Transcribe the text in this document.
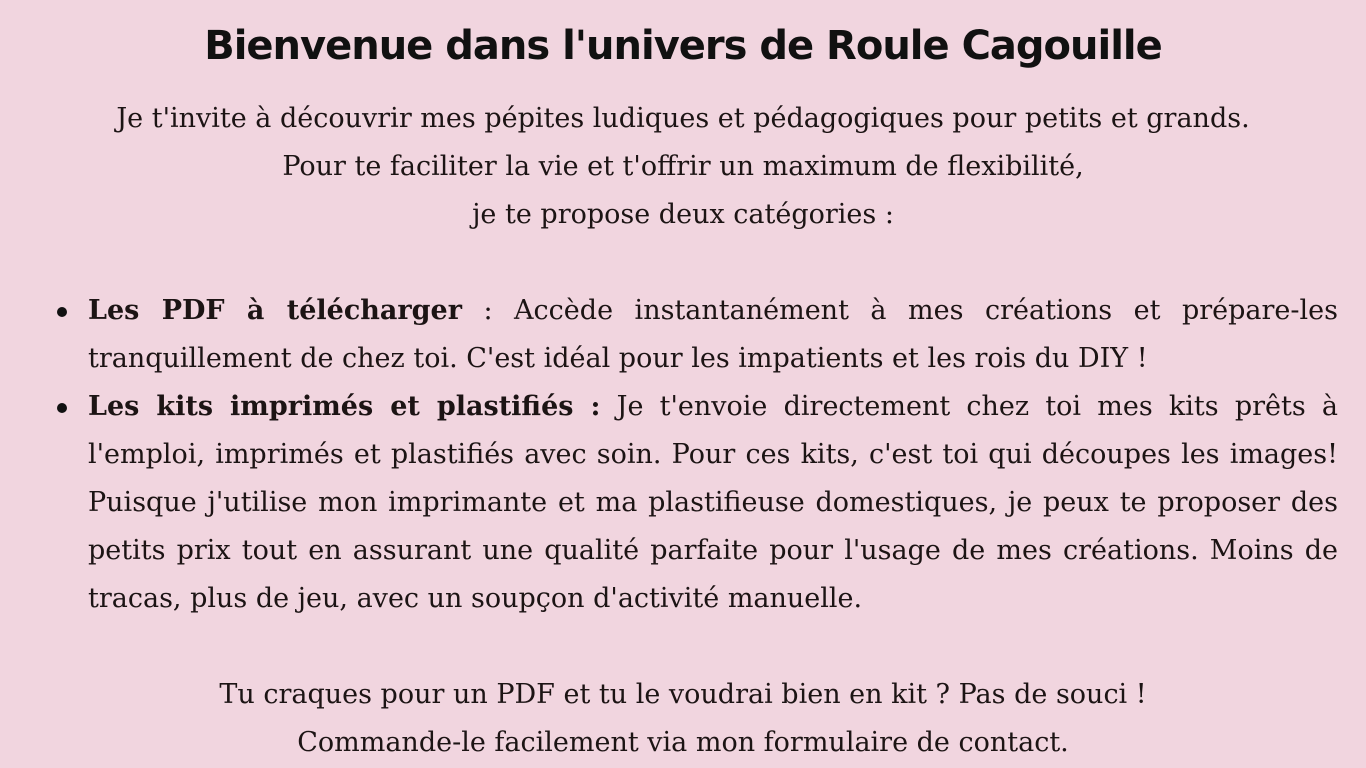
Bienvenue dans l'univers de Roule Cagouille

Je t'invite à découvrir mes pépites ludiques et pédagogiques pour petits et grands.
Pour te faciliter la vie et t'offrir un maximum de flexibilité,
je te propose deux catégories :

Les PDF à télécharger : Accède instantanément à mes créations et prépare-les tranquillement de chez toi. C'est idéal pour les impatients et les rois du DIY !
Les kits imprimés et plastifiés : Je t'envoie directement chez toi mes kits prêts à l'emploi, imprimés et plastifiés avec soin. Pour ces kits, c'est toi qui découpes les images! Puisque j'utilise mon imprimante et ma plastifieuse domestiques, je peux te proposer des petits prix tout en assurant une qualité parfaite pour l'usage de mes créations. Moins de tracas, plus de jeu, avec un soupçon d'activité manuelle.

Tu craques pour un PDF et tu le voudrai bien en kit ? Pas de souci !
Commande-le facilement via mon formulaire de contact.
